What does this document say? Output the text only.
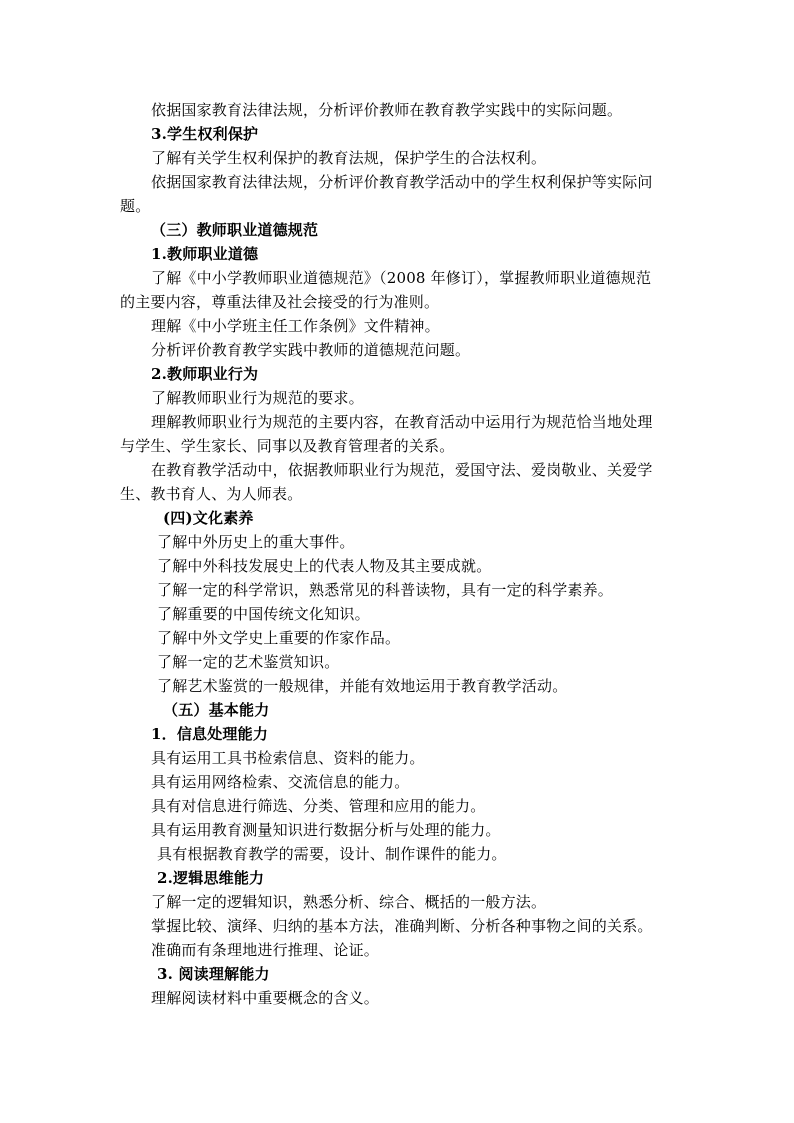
依据国家教育法律法规，分析评价教师在教育教学实践中的实际问题。
3.学生权利保护
了解有关学生权利保护的教育法规，保护学生的合法权利。
依据国家教育法律法规，分析评价教育教学活动中的学生权利保护等实际问
题。
（三）教师职业道德规范
1.教师职业道德
了解《中小学教师职业道德规范》（2008 年修订），掌握教师职业道德规范
的主要内容，尊重法律及社会接受的行为准则。
理解《中小学班主任工作条例》文件精神。
分析评价教育教学实践中教师的道德规范问题。
2.教师职业行为
了解教师职业行为规范的要求。
理解教师职业行为规范的主要内容，在教育活动中运用行为规范恰当地处理
与学生、学生家长、同事以及教育管理者的关系。
在教育教学活动中，依据教师职业行为规范，爱国守法、爱岗敬业、关爱学
生、教书育人、为人师表。
(四)文化素养
了解中外历史上的重大事件。
了解中外科技发展史上的代表人物及其主要成就。
了解一定的科学常识，熟悉常见的科普读物，具有一定的科学素养。
了解重要的中国传统文化知识。
了解中外文学史上重要的作家作品。
了解一定的艺术鉴赏知识。
了解艺术鉴赏的一般规律，并能有效地运用于教育教学活动。
（五）基本能力
1．信息处理能力
具有运用工具书检索信息、资料的能力。
具有运用网络检索、交流信息的能力。
具有对信息进行筛选、分类、管理和应用的能力。
具有运用教育测量知识进行数据分析与处理的能力。
具有根据教育教学的需要，设计、制作课件的能力。
2.逻辑思维能力
了解一定的逻辑知识，熟悉分析、综合、概括的一般方法。
掌握比较、演绎、归纳的基本方法，准确判断、分析各种事物之间的关系。
准确而有条理地进行推理、论证。
3. 阅读理解能力
理解阅读材料中重要概念的含义。
